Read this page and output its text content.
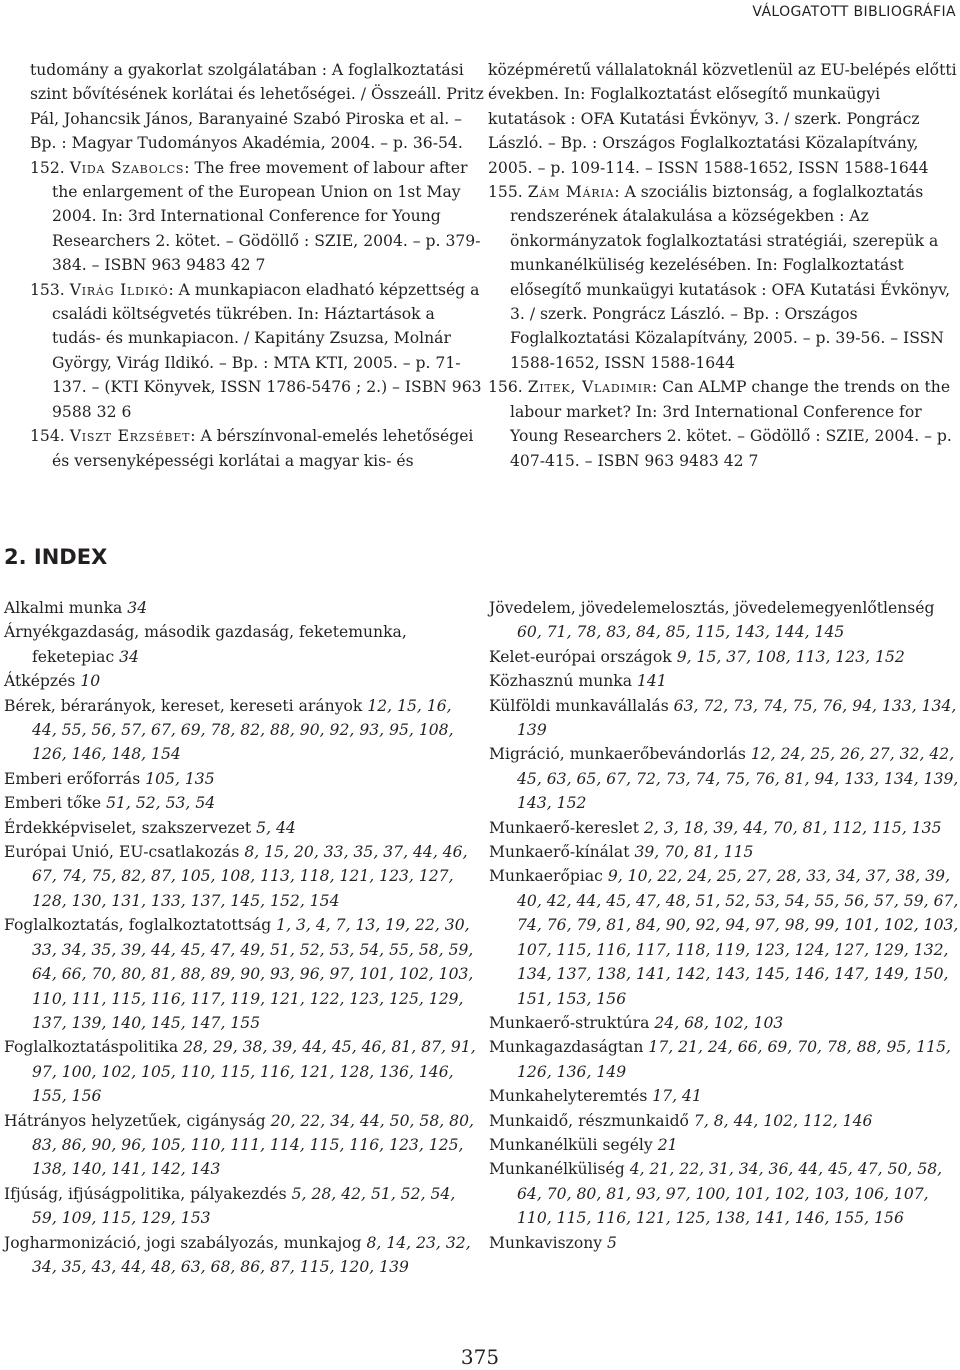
VÁLOGATOTT BIBLIOGRÁFIA

tudomány a gyakorlat szolgálatában : A foglalkoztatási szint bővítésének korlátai és lehetőségei. / Összeáll. Pritz Pál, Johancsik János, Baranyainé Szabó Piroska et al. – Bp. : Magyar Tudományos Akadémia, 2004. – p. 36-54.

152. Vida Szabolcs: The free movement of labour after the enlargement of the European Union on 1st May 2004. In: 3rd International Conference for Young Researchers 2. kötet. – Gödöllő : SZIE, 2004. – p. 379-384. – ISBN 963 9483 42 7

153. Virág Ildikó: A munkapiacon eladható képzettség a családi költségvetés tükrében. In: Háztartások a tudás- és munkapiacon. / Kapitány Zsuzsa, Molnár György, Virág Ildikó. – Bp. : MTA KTI, 2005. – p. 71-137. – (KTI Könyvek, ISSN 1786-5476 ; 2.) – ISBN 963 9588 32 6

154. Viszt Erzsébet: A bérszínvonal-emelés lehetőségei és versenyképességi korlátai a magyar kis- és

középméretű vállalatoknál közvetlenül az EU-belépés előtti években. In: Foglalkoztatást elősegítő munkaügyi kutatások : OFA Kutatási Évkönyv, 3. / szerk. Pongrácz László. – Bp. : Országos Foglalkoztatási Közalapítvány, 2005. – p. 109-114. – ISSN 1588-1652, ISSN 1588-1644

155. Zám Mária: A szociális biztonság, a foglalkoztatás rendszerének átalakulása a községekben : Az önkormányzatok foglalkoztatási stratégiái, szerepük a munkanélküliség kezelésében. In: Foglalkoztatást elősegítő munkaügyi kutatások : OFA Kutatási Évkönyv, 3. / szerk. Pongrácz László. – Bp. : Országos Foglalkoztatási Közalapítvány, 2005. – p. 39-56. – ISSN 1588-1652, ISSN 1588-1644

156. Zitek, Vladimir: Can ALMP change the trends on the labour market? In: 3rd International Conference for Young Researchers 2. kötet. – Gödöllő : SZIE, 2004. – p. 407-415. – ISBN 963 9483 42 7

2. INDEX

Alkalmi munka 34

Árnyékgazdaság, második gazdaság, feketemunka, feketepiac 34

Átképzés 10

Bérek, bérarányok, kereset, kereseti arányok 12, 15, 16, 44, 55, 56, 57, 67, 69, 78, 82, 88, 90, 92, 93, 95, 108, 126, 146, 148, 154

Emberi erőforrás 105, 135

Emberi tőke 51, 52, 53, 54

Érdekképviselet, szakszervezet 5, 44

Európai Unió, EU-csatlakozás 8, 15, 20, 33, 35, 37, 44, 46, 67, 74, 75, 82, 87, 105, 108, 113, 118, 121, 123, 127, 128, 130, 131, 133, 137, 145, 152, 154

Foglalkoztatás, foglalkoztatottság 1, 3, 4, 7, 13, 19, 22, 30, 33, 34, 35, 39, 44, 45, 47, 49, 51, 52, 53, 54, 55, 58, 59, 64, 66, 70, 80, 81, 88, 89, 90, 93, 96, 97, 101, 102, 103, 110, 111, 115, 116, 117, 119, 121, 122, 123, 125, 129, 137, 139, 140, 145, 147, 155

Foglalkoztatáspolitika 28, 29, 38, 39, 44, 45, 46, 81, 87, 91, 97, 100, 102, 105, 110, 115, 116, 121, 128, 136, 146, 155, 156

Hátrányos helyzetűek, cigányság 20, 22, 34, 44, 50, 58, 80, 83, 86, 90, 96, 105, 110, 111, 114, 115, 116, 123, 125, 138, 140, 141, 142, 143

Ifjúság, ifjúságpolitika, pályakezdés 5, 28, 42, 51, 52, 54, 59, 109, 115, 129, 153

Jogharmonizáció, jogi szabályozás, munkajog 8, 14, 23, 32, 34, 35, 43, 44, 48, 63, 68, 86, 87, 115, 120, 139

Jövedelem, jövedelemelosztás, jövedelemegyenlőtlenség 60, 71, 78, 83, 84, 85, 115, 143, 144, 145

Kelet-európai országok 9, 15, 37, 108, 113, 123, 152

Közhasznú munka 141

Külföldi munkavállalás 63, 72, 73, 74, 75, 76, 94, 133, 134, 139

Migráció, munkaerőbevándorlás 12, 24, 25, 26, 27, 32, 42, 45, 63, 65, 67, 72, 73, 74, 75, 76, 81, 94, 133, 134, 139, 143, 152

Munkaerő-kereslet 2, 3, 18, 39, 44, 70, 81, 112, 115, 135

Munkaerő-kínálat 39, 70, 81, 115

Munkaerőpiac 9, 10, 22, 24, 25, 27, 28, 33, 34, 37, 38, 39, 40, 42, 44, 45, 47, 48, 51, 52, 53, 54, 55, 56, 57, 59, 67, 74, 76, 79, 81, 84, 90, 92, 94, 97, 98, 99, 101, 102, 103, 107, 115, 116, 117, 118, 119, 123, 124, 127, 129, 132, 134, 137, 138, 141, 142, 143, 145, 146, 147, 149, 150, 151, 153, 156

Munkaerő-struktúra 24, 68, 102, 103

Munkagazdaságtan 17, 21, 24, 66, 69, 70, 78, 88, 95, 115, 126, 136, 149

Munkahelyteremtés 17, 41

Munkaidő, részmunkaidő 7, 8, 44, 102, 112, 146

Munkanélküli segély 21

Munkanélküliség 4, 21, 22, 31, 34, 36, 44, 45, 47, 50, 58, 64, 70, 80, 81, 93, 97, 100, 101, 102, 103, 106, 107, 110, 115, 116, 121, 125, 138, 141, 146, 155, 156

Munkaviszony 5

375
